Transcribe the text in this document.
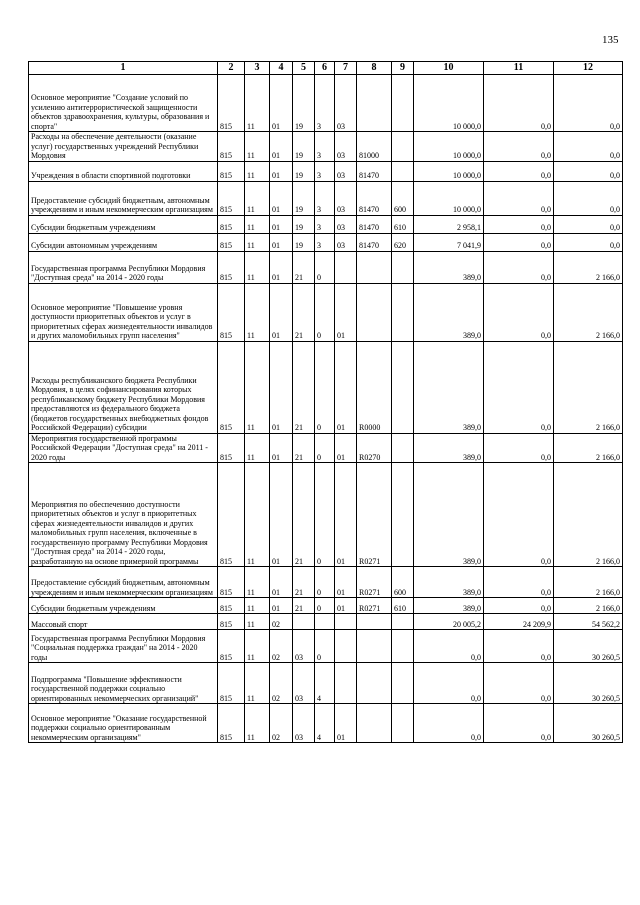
135
1	2	3	4	5	6	7	8	9	10	11	12
Основное мероприятие "Создание условий по усилению антитеррористической защищенности объектов здравоохранения, культуры, образования и спорта"	815	11	01	19	3	03			10 000,0	0,0	0,0
Расходы на обеспечение деятельности (оказание услуг) государственных учреждений Республики Мордовия	815	11	01	19	3	03	81000		10 000,0	0,0	0,0
Учреждения в области спортивной подготовки	815	11	01	19	3	03	81470		10 000,0	0,0	0,0
Предоставление субсидий бюджетным, автономным учреждениям и иным некоммерческим организациям	815	11	01	19	3	03	81470	600	10 000,0	0,0	0,0
Субсидии бюджетным учреждениям	815	11	01	19	3	03	81470	610	2 958,1	0,0	0,0
Субсидии автономным учреждениям	815	11	01	19	3	03	81470	620	7 041,9	0,0	0,0
Государственная программа Республики Мордовия "Доступная среда" на 2014 - 2020 годы	815	11	01	21	0				389,0	0,0	2 166,0
Основное мероприятие "Повышение уровня доступности приоритетных объектов и услуг в приоритетных сферах жизнедеятельности инвалидов и других маломобильных групп населения"	815	11	01	21	0	01			389,0	0,0	2 166,0
Расходы республиканского бюджета Республики Мордовия, в целях софинансирования которых республиканскому бюджету Республики Мордовия предоставляются из федерального бюджета (бюджетов государственных внебюджетных фондов Российской Федерации) субсидии	815	11	01	21	0	01	R0000		389,0	0,0	2 166,0
Мероприятия государственной программы Российской Федерации "Доступная среда" на 2011 - 2020 годы	815	11	01	21	0	01	R0270		389,0	0,0	2 166,0
Мероприятия по обеспечению доступности приоритетных объектов и услуг в приоритетных сферах жизнедеятельности инвалидов и других маломобильных групп населения, включенные в государственную программу Республики Мордовия "Доступная среда" на 2014 - 2020 годы, разработанную на основе примерной программы	815	11	01	21	0	01	R0271		389,0	0,0	2 166,0
Предоставление субсидий бюджетным, автономным учреждениям и иным некоммерческим организациям	815	11	01	21	0	01	R0271	600	389,0	0,0	2 166,0
Субсидии бюджетным учреждениям	815	11	01	21	0	01	R0271	610	389,0	0,0	2 166,0
Массовый спорт	815	11	02						20 005,2	24 209,9	54 562,2
Государственная программа Республики Мордовия "Социальная поддержка граждан" на 2014 - 2020 годы	815	11	02	03	0				0,0	0,0	30 260,5
Подпрограмма "Повышение эффективности государственной поддержки социально ориентированных некоммерческих организаций"	815	11	02	03	4				0,0	0,0	30 260,5
Основное мероприятие "Оказание государственной поддержки социально ориентированным некоммерческим организациям"	815	11	02	03	4	01			0,0	0,0	30 260,5
